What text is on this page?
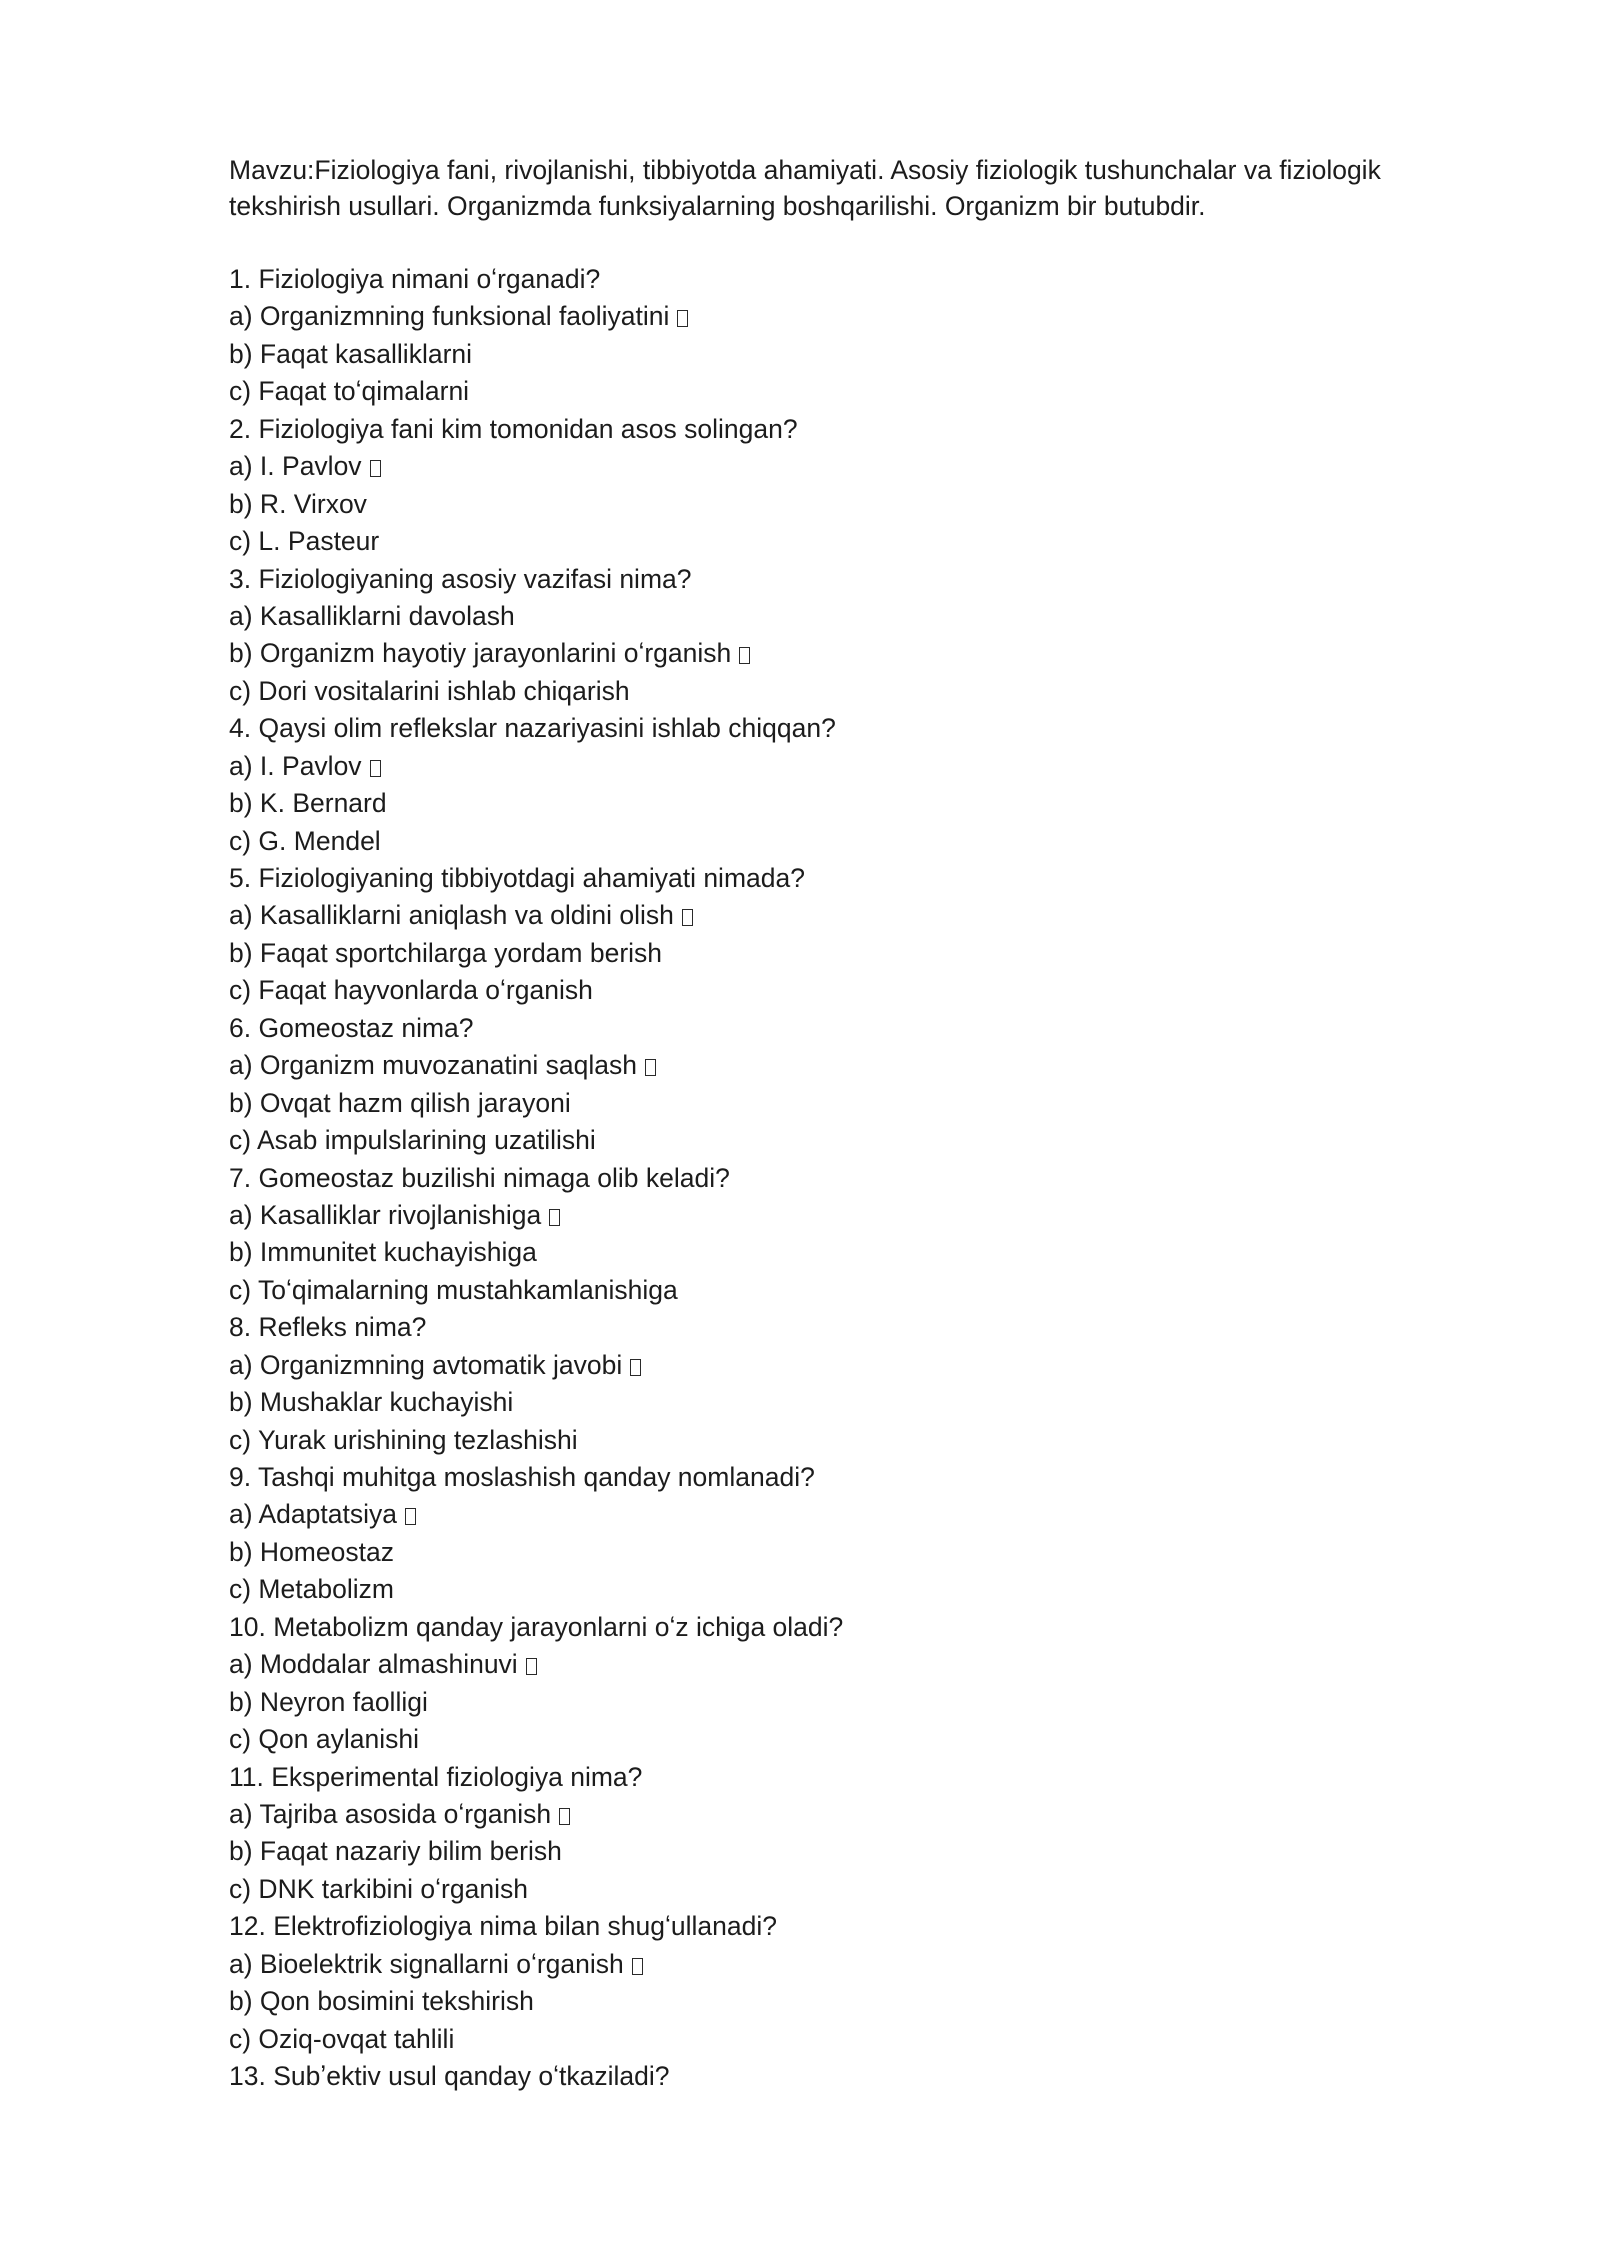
Mavzu:Fiziologiya fani, rivojlanishi, tibbiyotda ahamiyati. Asosiy fiziologik tushunchalar va fiziologik tekshirish usullari. Organizmda funksiyalarning boshqarilishi. Organizm bir butubdir.

1. Fiziologiya nimani oʻrganadi?
a) Organizmning funksional faoliyatini
b) Faqat kasalliklarni
c) Faqat toʻqimalarni
2. Fiziologiya fani kim tomonidan asos solingan?
a) I. Pavlov
b) R. Virxov
c) L. Pasteur
3. Fiziologiyaning asosiy vazifasi nima?
a) Kasalliklarni davolash
b) Organizm hayotiy jarayonlarini oʻrganish
c) Dori vositalarini ishlab chiqarish
4. Qaysi olim reflekslar nazariyasini ishlab chiqqan?
a) I. Pavlov
b) K. Bernard
c) G. Mendel
5. Fiziologiyaning tibbiyotdagi ahamiyati nimada?
a) Kasalliklarni aniqlash va oldini olish
b) Faqat sportchilarga yordam berish
c) Faqat hayvonlarda oʻrganish
6. Gomeostaz nima?
a) Organizm muvozanatini saqlash
b) Ovqat hazm qilish jarayoni
c) Asab impulslarining uzatilishi
7. Gomeostaz buzilishi nimaga olib keladi?
a) Kasalliklar rivojlanishiga
b) Immunitet kuchayishiga
c) Toʻqimalarning mustahkamlanishiga
8. Refleks nima?
a) Organizmning avtomatik javobi
b) Mushaklar kuchayishi
c) Yurak urishining tezlashishi
9. Tashqi muhitga moslashish qanday nomlanadi?
a) Adaptatsiya
b) Homeostaz
c) Metabolizm
10. Metabolizm qanday jarayonlarni oʻz ichiga oladi?
a) Moddalar almashinuvi
b) Neyron faolligi
c) Qon aylanishi
11. Eksperimental fiziologiya nima?
a) Tajriba asosida oʻrganish
b) Faqat nazariy bilim berish
c) DNK tarkibini oʻrganish
12. Elektrofiziologiya nima bilan shugʻullanadi?
a) Bioelektrik signallarni oʻrganish
b) Qon bosimini tekshirish
c) Oziq-ovqat tahlili
13. Subʼektiv usul qanday oʻtkaziladi?
